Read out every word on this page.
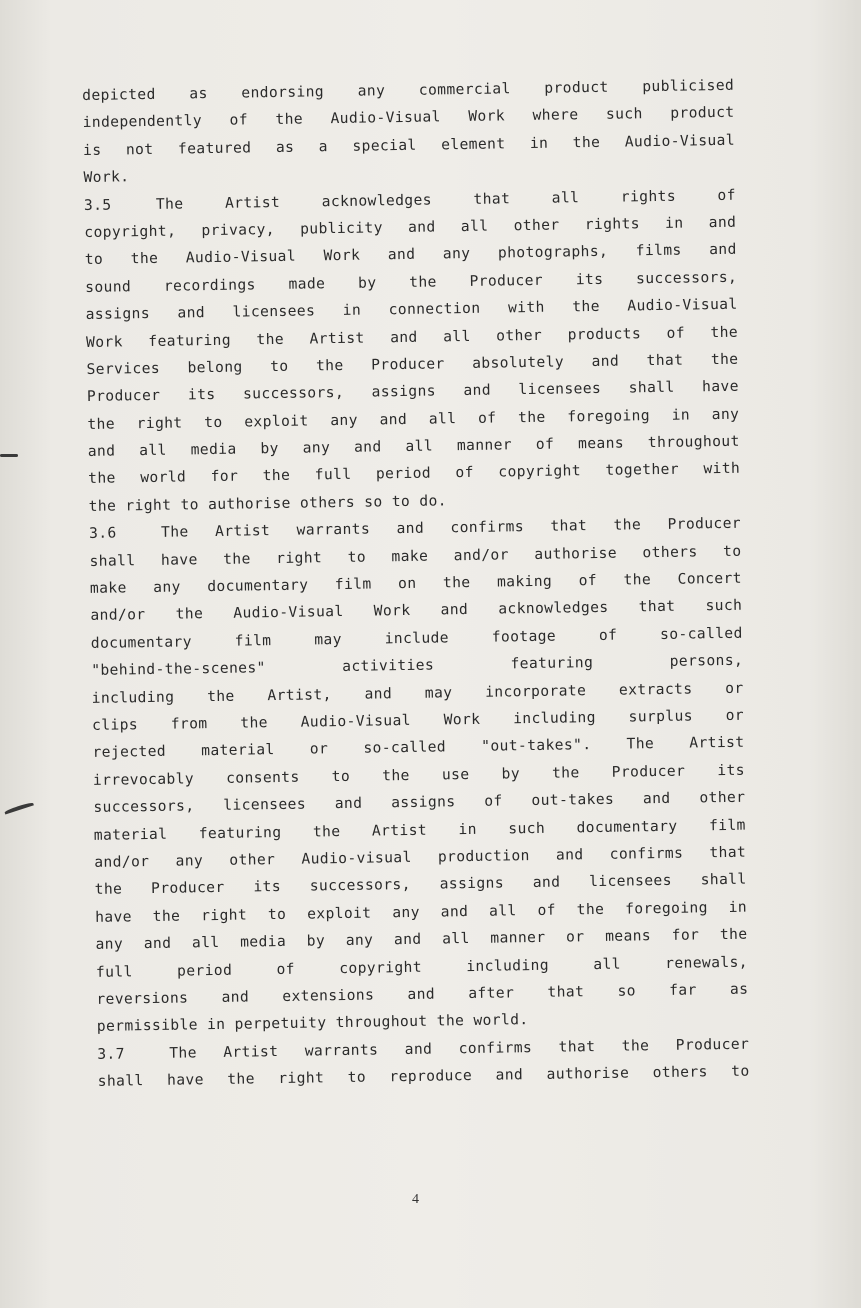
depicted as endorsing any commercial product publicised
independently of the Audio-Visual Work where such product
is not featured as a special element in the Audio-Visual
Work.
3.5	The Artist acknowledges that all rights of
copyright, privacy, publicity and all other rights in and
to the Audio-Visual Work and any photographs, films and
sound recordings made by the Producer its successors,
assigns and licensees in connection with the Audio-Visual
Work featuring the Artist and all other products of the
Services belong to the Producer absolutely and that the
Producer its successors, assigns and licensees shall have
the right to exploit any and all of the foregoing in any
and all media by any and all manner of means throughout
the world for the full period of copyright together with
the right to authorise others so to do.
3.6	The Artist warrants and confirms that the Producer
shall have the right to make and/or authorise others to
make any documentary film on the making of the Concert
and/or the Audio-Visual Work and acknowledges that such
documentary film may include footage of so-called
"behind-the-scenes" activities featuring persons,
including the Artist, and may incorporate extracts or
clips from the Audio-Visual Work including surplus or
rejected material or so-called "out-takes". The Artist
irrevocably consents to the use by the Producer its
successors, licensees and assigns of out-takes and other
material featuring the Artist in such documentary film
and/or any other Audio-visual production and confirms that
the Producer its successors, assigns and licensees shall
have the right to exploit any and all of the foregoing in
any and all media by any and all manner or means for the
full period of copyright including all renewals,
reversions and extensions and after that so far as
permissible in perpetuity throughout the world.
3.7	The Artist warrants and confirms that the Producer
shall have the right to reproduce and authorise others to
4
